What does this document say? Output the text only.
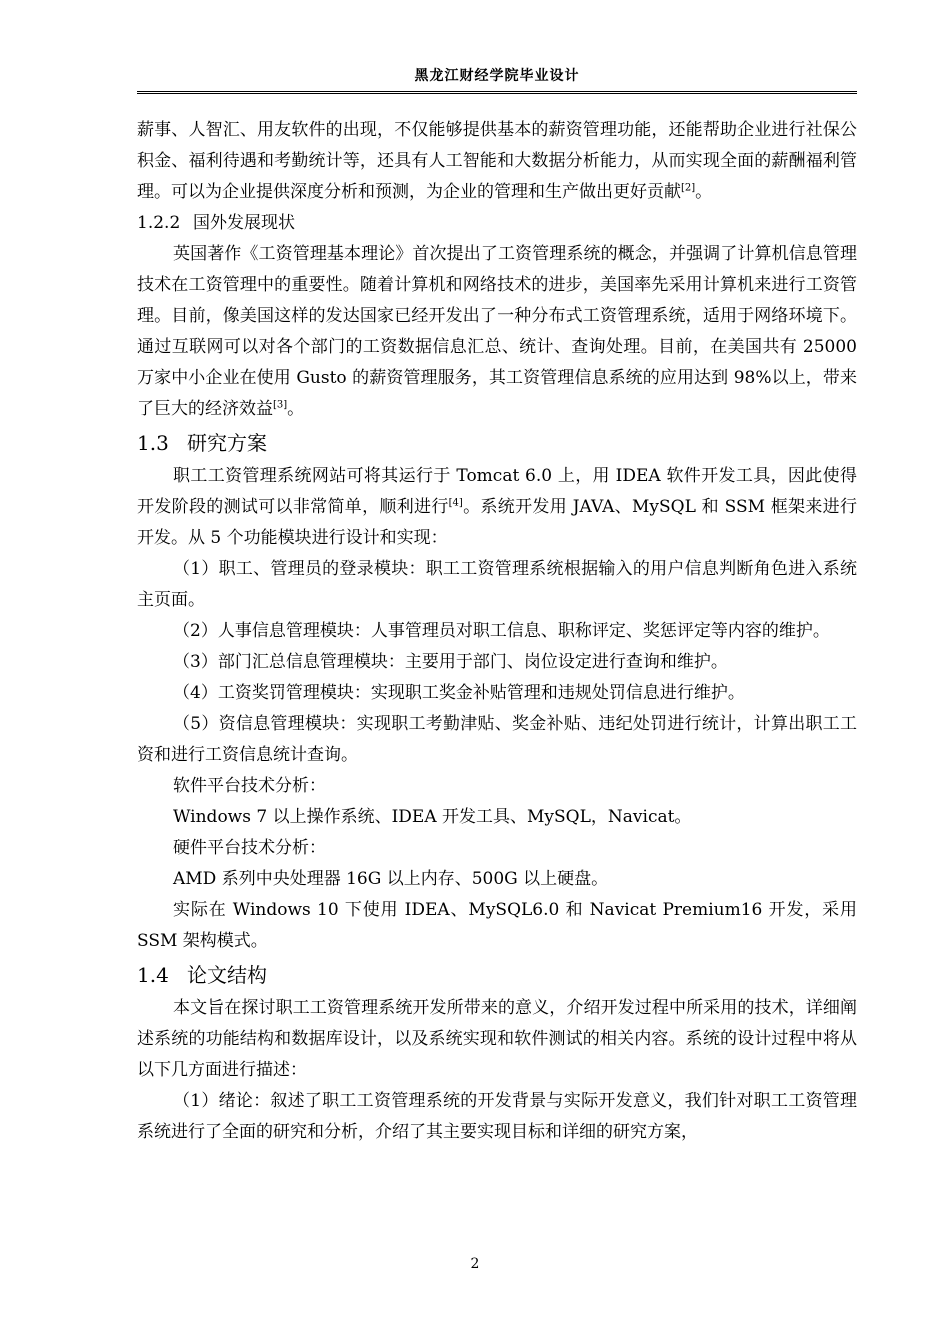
黑龙江财经学院毕业设计

薪事、人智汇、用友软件的出现，不仅能够提供基本的薪资管理功能，还能帮助企业进行社保公积金、福利待遇和考勤统计等，还具有人工智能和大数据分析能力，从而实现全面的薪酬福利管理。可以为企业提供深度分析和预测，为企业的管理和生产做出更好贡献[2]。

1.2.2 国外发展现状

英国著作《工资管理基本理论》首次提出了工资管理系统的概念，并强调了计算机信息管理技术在工资管理中的重要性。随着计算机和网络技术的进步，美国率先采用计算机来进行工资管理。目前，像美国这样的发达国家已经开发出了一种分布式工资管理系统，适用于网络环境下。通过互联网可以对各个部门的工资数据信息汇总、统计、查询处理。目前，在美国共有 25000 万家中小企业在使用 Gusto 的薪资管理服务，其工资管理信息系统的应用达到 98%以上，带来了巨大的经济效益[3]。

1.3 研究方案

职工工资管理系统网站可将其运行于 Tomcat 6.0 上，用 IDEA 软件开发工具，因此使得开发阶段的测试可以非常简单，顺利进行[4]。系统开发用 JAVA、MySQL 和 SSM 框架来进行开发。从 5 个功能模块进行设计和实现：

（1）职工、管理员的登录模块：职工工资管理系统根据输入的用户信息判断角色进入系统主页面。

（2）人事信息管理模块：人事管理员对职工信息、职称评定、奖惩评定等内容的维护。

（3）部门汇总信息管理模块：主要用于部门、岗位设定进行查询和维护。

（4）工资奖罚管理模块：实现职工奖金补贴管理和违规处罚信息进行维护。

（5）资信息管理模块：实现职工考勤津贴、奖金补贴、违纪处罚进行统计，计算出职工工资和进行工资信息统计查询。

软件平台技术分析：

Windows 7 以上操作系统、IDEA 开发工具、MySQL，Navicat。

硬件平台技术分析：

AMD 系列中央处理器 16G 以上内存、500G 以上硬盘。

实际在 Windows 10 下使用 IDEA、MySQL6.0 和 Navicat Premium16 开发，采用 SSM 架构模式。

1.4 论文结构

本文旨在探讨职工工资管理系统开发所带来的意义，介绍开发过程中所采用的技术，详细阐述系统的功能结构和数据库设计，以及系统实现和软件测试的相关内容。系统的设计过程中将从以下几方面进行描述：

（1）绪论：叙述了职工工资管理系统的开发背景与实际开发意义，我们针对职工工资管理系统进行了全面的研究和分析，介绍了其主要实现目标和详细的研究方案，

2
